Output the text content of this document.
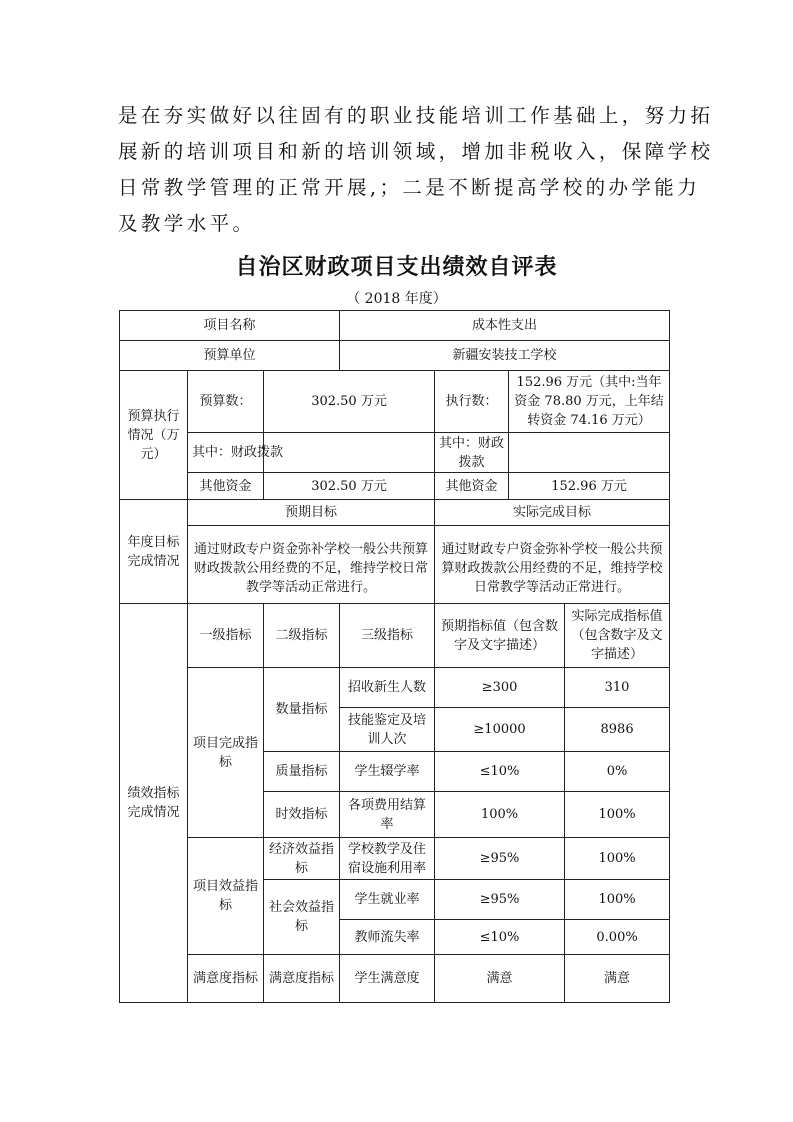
是在夯实做好以往固有的职业技能培训工作基础上，努力拓
展新的培训项目和新的培训领域，增加非税收入，保障学校
日常教学管理的正常开展,；二是不断提高学校的办学能力
及教学水平。
自治区财政项目支出绩效自评表
（ 2018 年度）
项目名称			成本性支出			
预算单位			新疆安装技工学校			
预算执行情况（万元）	预算数：	302.50 万元		执行数：	152.96 万元（其中:当年资金 78.80 万元，上年结转资金 74.16 万元）	
	其中：财政拨款			其中：财政拨款		
	其他资金	302.50 万元		其他资金	152.96 万元	
年度目标完成情况	预期目标			实际完成目标		
	通过财政专户资金弥补学校一般公共预算财政拨款公用经费的不足，维持学校日常教学等活动正常进行。			通过财政专户资金弥补学校一般公共预算财政拨款公用经费的不足，维持学校日常教学等活动正常进行。		
绩效指标完成情况	一级指标	二级指标	三级指标	预期指标值（包含数字及文字描述）		实际完成指标值（包含数字及文字描述）
	项目完成指标	数量指标	招收新生人数	≥300		310
			技能鉴定及培训人次	≥10000		8986
		质量指标	学生辍学率	≤10%		0%
		时效指标	各项费用结算率	100%		100%
	项目效益指标	经济效益指标	学校教学及住宿设施利用率	≥95%		100%
		社会效益指标	学生就业率	≥95%		100%
			教师流失率	≤10%		0.00%
	满意度指标	满意度指标	学生满意度	满意		满意
